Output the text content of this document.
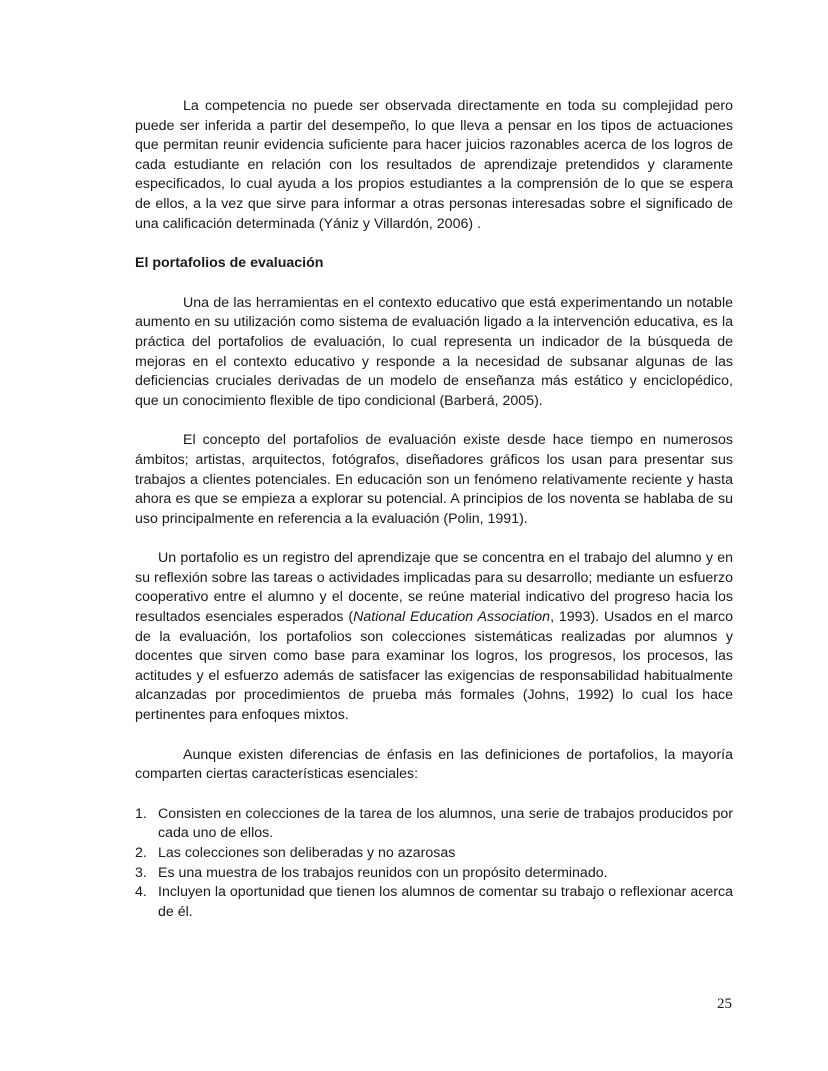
La competencia no puede ser observada directamente en toda su complejidad pero puede ser inferida a partir del desempeño, lo que lleva a pensar en los tipos de actuaciones que permitan reunir evidencia suficiente para hacer juicios razonables acerca de los logros de cada estudiante en relación con los resultados de aprendizaje pretendidos y claramente especificados, lo cual ayuda a los propios estudiantes a la comprensión de lo que se espera de ellos, a la vez que sirve para informar a otras personas interesadas sobre el significado de una calificación determinada (Yániz y Villardón, 2006) .

El portafolios de evaluación

Una de las herramientas en el contexto educativo que está experimentando un notable aumento en su utilización como sistema de evaluación ligado a la intervención educativa, es la práctica del portafolios de evaluación, lo cual representa un indicador de la búsqueda de mejoras en el contexto educativo y responde a la necesidad de subsanar algunas de las deficiencias cruciales derivadas de un modelo de enseñanza más estático y enciclopédico, que un conocimiento flexible de tipo condicional (Barberá, 2005).

El concepto del portafolios de evaluación existe desde hace tiempo en numerosos ámbitos; artistas, arquitectos, fotógrafos, diseñadores gráficos los usan para presentar sus trabajos a clientes potenciales. En educación son un fenómeno relativamente reciente y hasta ahora es que se empieza a explorar su potencial. A principios de los noventa se hablaba de su uso principalmente en referencia a la evaluación (Polin, 1991).

Un portafolio es un registro del aprendizaje que se concentra en el trabajo del alumno y en su reflexión sobre las tareas o actividades implicadas para su desarrollo; mediante un esfuerzo cooperativo entre el alumno y el docente, se reúne material indicativo del progreso hacia los resultados esenciales esperados (National Education Association, 1993). Usados en el marco de la evaluación, los portafolios son colecciones sistemáticas realizadas por alumnos y docentes que sirven como base para examinar los logros, los progresos, los procesos, las actitudes y el esfuerzo además de satisfacer las exigencias de responsabilidad habitualmente alcanzadas por procedimientos de prueba más formales (Johns, 1992) lo cual los hace pertinentes para enfoques mixtos.

Aunque existen diferencias de énfasis en las definiciones de portafolios, la mayoría comparten ciertas características esenciales:

1. Consisten en colecciones de la tarea de los alumnos, una serie de trabajos producidos por cada uno de ellos.
2. Las colecciones son deliberadas y no azarosas
3. Es una muestra de los trabajos reunidos con un propósito determinado.
4. Incluyen la oportunidad que tienen los alumnos de comentar su trabajo o reflexionar acerca de él.
25
